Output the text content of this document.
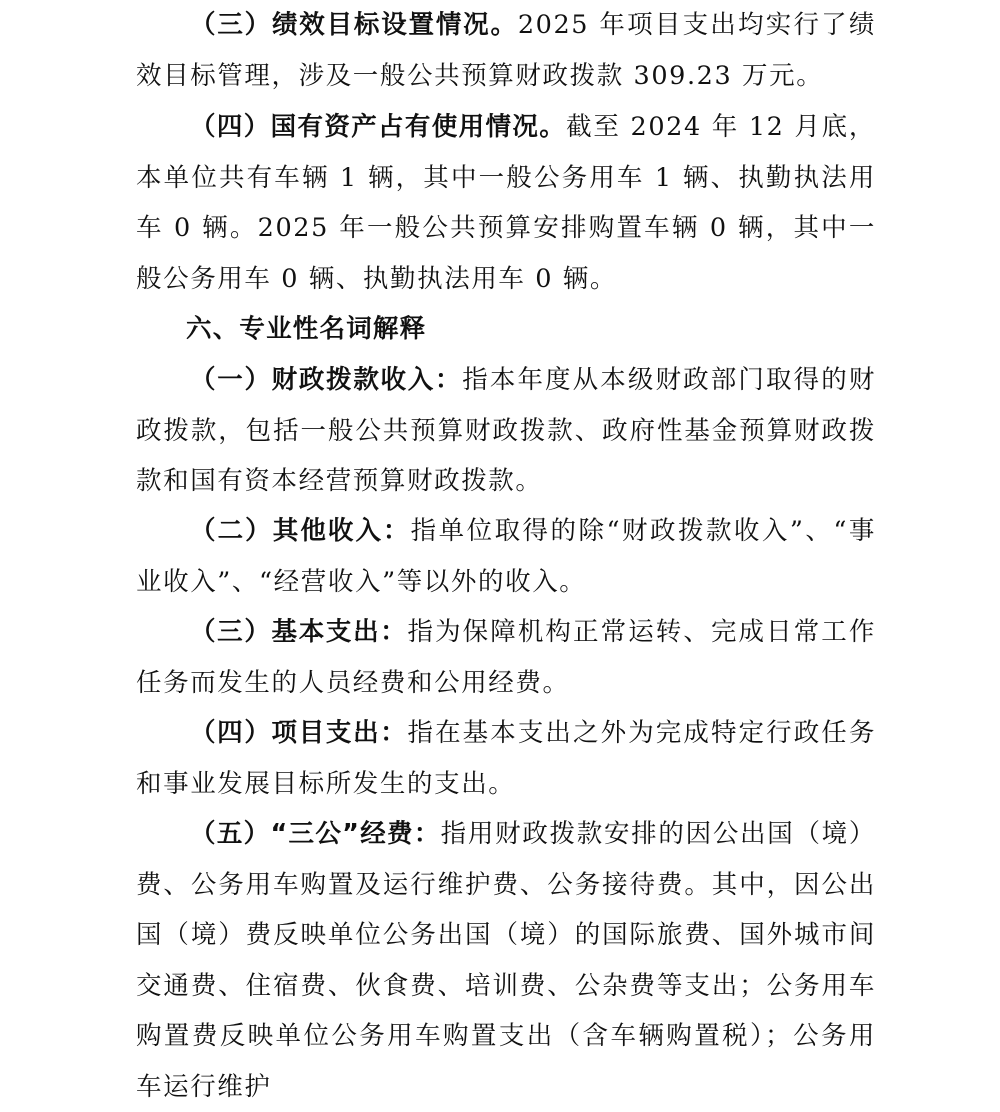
（三）绩效目标设置情况。2025 年项目支出均实行了绩效目标管理，涉及一般公共预算财政拨款 309.23 万元。

（四）国有资产占有使用情况。截至 2024 年 12 月底，本单位共有车辆 1 辆，其中一般公务用车 1 辆、执勤执法用车 0 辆。2025 年一般公共预算安排购置车辆 0 辆，其中一般公务用车 0 辆、执勤执法用车 0 辆。

六、专业性名词解释

（一）财政拨款收入：指本年度从本级财政部门取得的财政拨款，包括一般公共预算财政拨款、政府性基金预算财政拨款和国有资本经营预算财政拨款。

（二）其他收入：指单位取得的除“财政拨款收入”、“事业收入”、“经营收入”等以外的收入。

（三）基本支出：指为保障机构正常运转、完成日常工作任务而发生的人员经费和公用经费。

（四）项目支出：指在基本支出之外为完成特定行政任务和事业发展目标所发生的支出。

（五）“三公”经费：指用财政拨款安排的因公出国（境）费、公务用车购置及运行维护费、公务接待费。其中，因公出国（境）费反映单位公务出国（境）的国际旅费、国外城市间交通费、住宿费、伙食费、培训费、公杂费等支出；公务用车购置费反映单位公务用车购置支出（含车辆购置税）；公务用车运行维护
